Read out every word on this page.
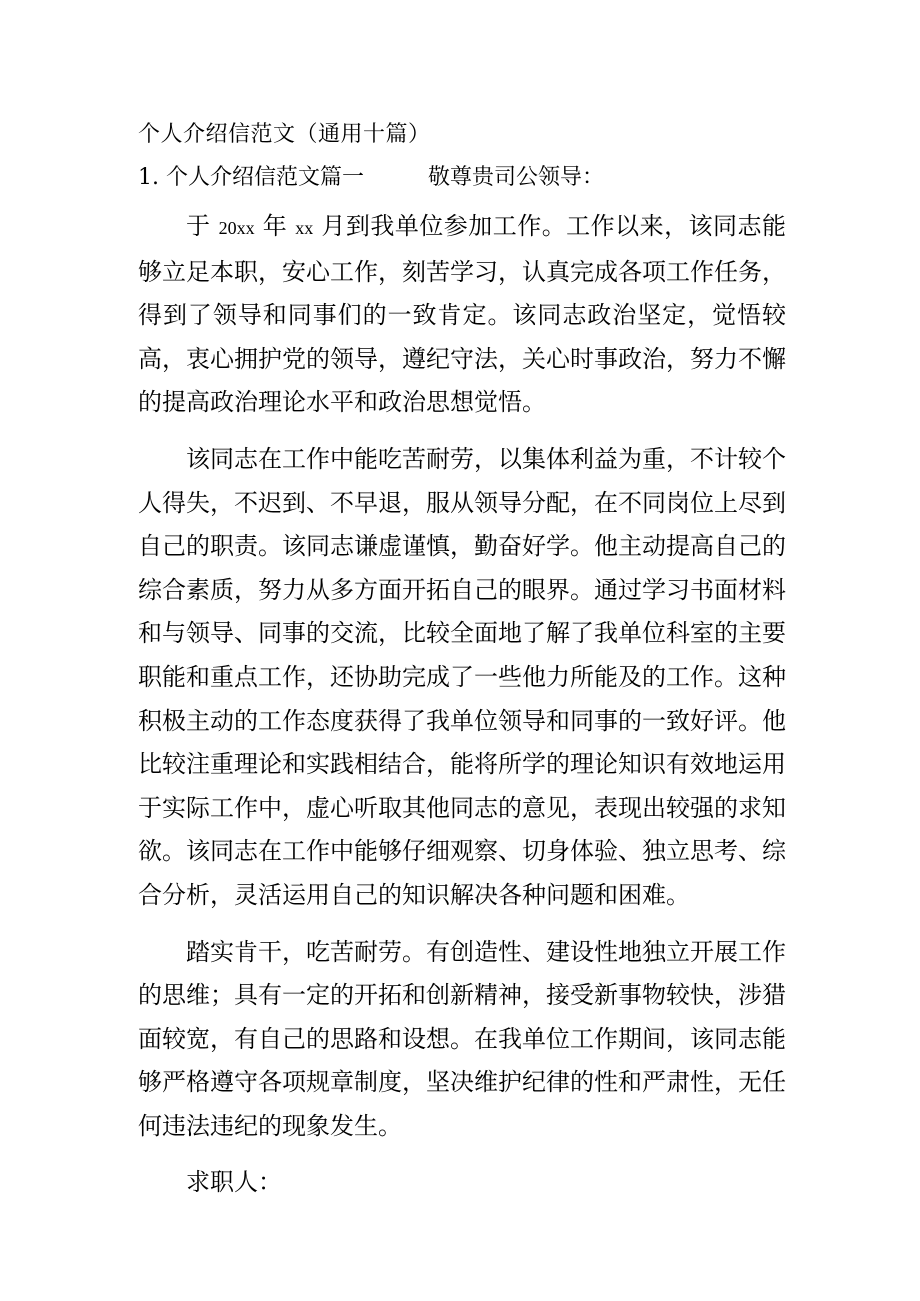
个人介绍信范文（通用十篇）
1. 个人介绍信范文篇一	敬尊贵司公领导：

于 20xx 年 xx 月到我单位参加工作。工作以来，该同志能够立足本职，安心工作，刻苦学习，认真完成各项工作任务，得到了领导和同事们的一致肯定。该同志政治坚定，觉悟较高，衷心拥护党的领导，遵纪守法，关心时事政治，努力不懈的提高政治理论水平和政治思想觉悟。

该同志在工作中能吃苦耐劳，以集体利益为重，不计较个人得失，不迟到、不早退，服从领导分配，在不同岗位上尽到自己的职责。该同志谦虚谨慎，勤奋好学。他主动提高自己的综合素质，努力从多方面开拓自己的眼界。通过学习书面材料和与领导、同事的交流，比较全面地了解了我单位科室的主要职能和重点工作，还协助完成了一些他力所能及的工作。这种积极主动的工作态度获得了我单位领导和同事的一致好评。他比较注重理论和实践相结合，能将所学的理论知识有效地运用于实际工作中，虚心听取其他同志的意见，表现出较强的求知欲。该同志在工作中能够仔细观察、切身体验、独立思考、综合分析，灵活运用自己的知识解决各种问题和困难。

踏实肯干，吃苦耐劳。有创造性、建设性地独立开展工作的思维；具有一定的开拓和创新精神，接受新事物较快，涉猎面较宽，有自己的思路和设想。在我单位工作期间，该同志能够严格遵守各项规章制度，坚决维护纪律的性和严肃性，无任何违法违纪的现象发生。

求职人：
